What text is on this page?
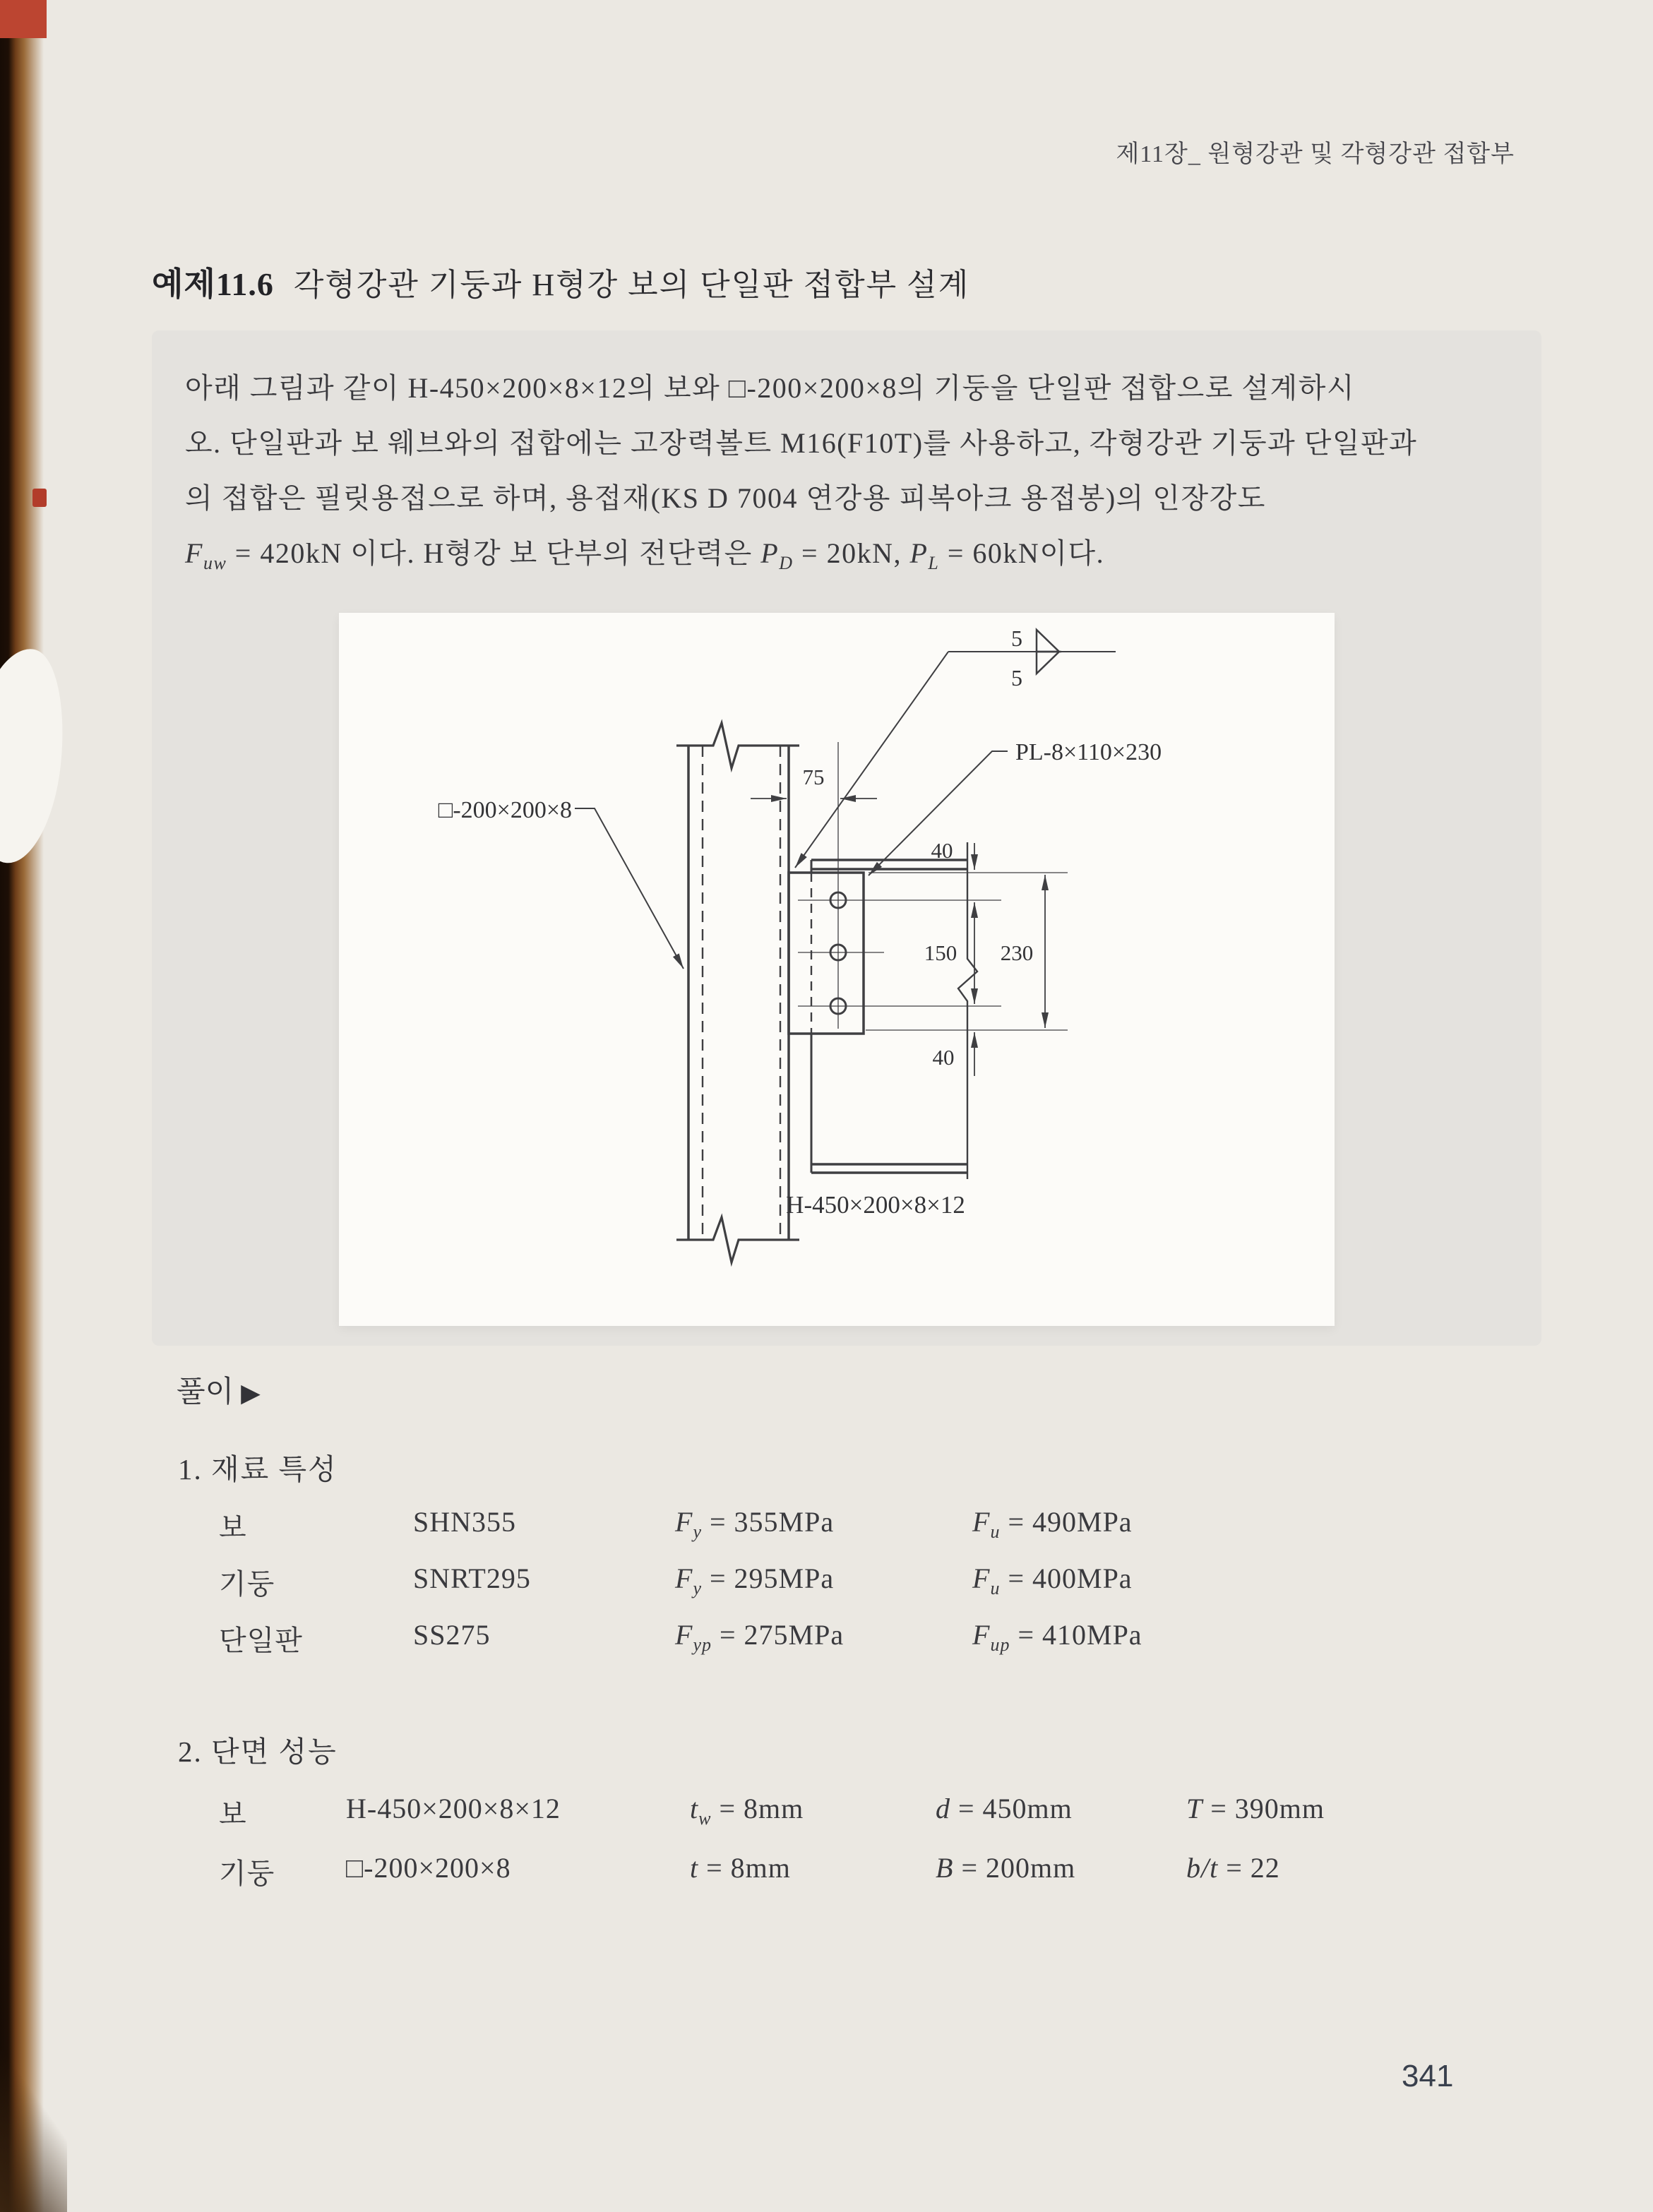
제11장_ 원형강관 및 각형강관 접합부
예제11.6 각형강관 기둥과 H형강 보의 단일판 접합부 설계
아래 그림과 같이 H-450×200×8×12의 보와 □-200×200×8의 기둥을 단일판 접합으로 설계하시
오. 단일판과 보 웨브와의 접합에는 고장력볼트 M16(F10T)를 사용하고, 각형강관 기둥과 단일판과
의 접합은 필릿용접으로 하며, 용접재(KS D 7004 연강용 피복아크 용접봉)의 인장강도
$F_{uw} = 420kN$ 이다. H형강 보 단부의 전단력은 $P_D = 20kN$, $P_L = 60kN$이다.
75
5
5
PL-8×110×230
□-200×200×8
40
150 230
40
H-450×200×8×12
풀이 ▶
1. 재료 특성
보	SHN355	$F_y = 355MPa$	$F_u = 490MPa$
기둥	SNRT295	$F_y = 295MPa$	$F_u = 400MPa$
단일판	SS275	$F_{yp} = 275MPa$	$F_{up} = 410MPa$
2. 단면 성능
보	H-450×200×8×12	$t_w = 8mm$	d = 450mm	T = 390mm
기둥	□-200×200×8	t = 8mm	B = 200mm	b/t = 22
341
